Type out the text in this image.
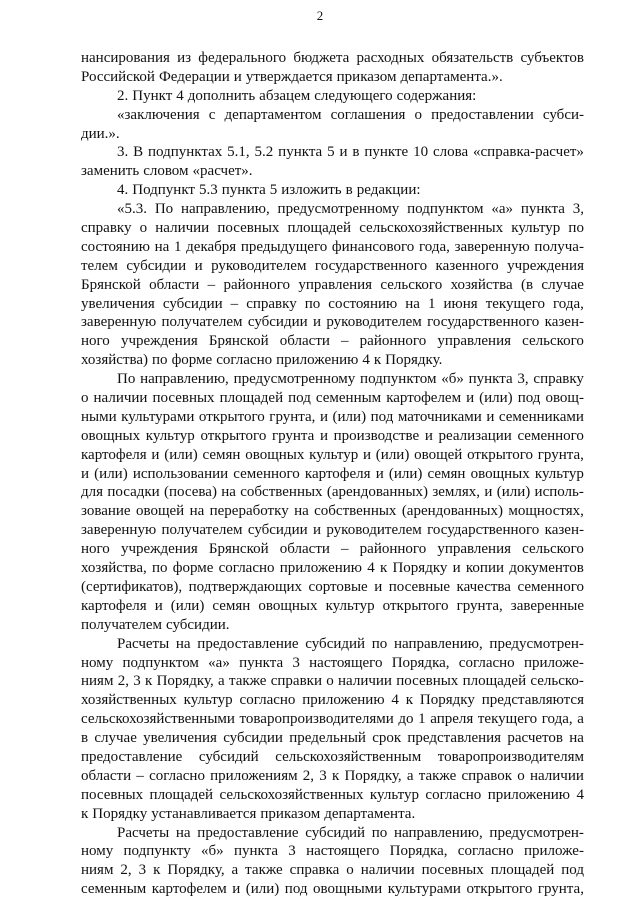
2
нансирования из федерального бюджета расходных обязательств субъектов
Российской Федерации и утверждается приказом департамента.».
2. Пункт 4 дополнить абзацем следующего содержания:
«заключения с департаментом соглашения о предоставлении субси-
дии.».
3. В подпунктах 5.1, 5.2 пункта 5 и в пункте 10 слова «справка-расчет»
заменить словом «расчет».
4. Подпункт 5.3 пункта 5 изложить в редакции:
«5.3. По направлению, предусмотренному подпунктом «а» пункта 3,
справку о наличии посевных площадей сельскохозяйственных культур по
состоянию на 1 декабря предыдущего финансового года, заверенную получа-
телем субсидии и руководителем государственного казенного учреждения
Брянской области – районного управления сельского хозяйства (в случае
увеличения субсидии – справку по состоянию на 1 июня текущего года,
заверенную получателем субсидии и руководителем государственного казен-
ного учреждения Брянской области – районного управления сельского
хозяйства) по форме согласно приложению 4 к Порядку.
По направлению, предусмотренному подпунктом «б» пункта 3, справку
о наличии посевных площадей под семенным картофелем и (или) под овощ-
ными культурами открытого грунта, и (или) под маточниками и семенниками
овощных культур открытого грунта и производстве и реализации семенного
картофеля и (или) семян овощных культур и (или) овощей открытого грунта,
и (или) использовании семенного картофеля и (или) семян овощных культур
для посадки (посева) на собственных (арендованных) землях, и (или) исполь-
зование овощей на переработку на собственных (арендованных) мощностях,
заверенную получателем субсидии и руководителем государственного казен-
ного учреждения Брянской области – районного управления сельского
хозяйства, по форме согласно приложению 4 к Порядку и копии документов
(сертификатов), подтверждающих сортовые и посевные качества семенного
картофеля и (или) семян овощных культур открытого грунта, заверенные
получателем субсидии.
Расчеты на предоставление субсидий по направлению, предусмотрен-
ному подпунктом «а» пункта 3 настоящего Порядка, согласно приложе-
ниям 2, 3 к Порядку, а также справки о наличии посевных площадей сельско-
хозяйственных культур согласно приложению 4 к Порядку представляются
сельскохозяйственными товаропроизводителями до 1 апреля текущего года, а
в случае увеличения субсидии предельный срок представления расчетов на
предоставление субсидий сельскохозяйственным товаропроизводителям
области – согласно приложениям 2, 3 к Порядку, а также справок о наличии
посевных площадей сельскохозяйственных культур согласно приложению 4
к Порядку устанавливается приказом департамента.
Расчеты на предоставление субсидий по направлению, предусмотрен-
ному подпункту «б» пункта 3 настоящего Порядка, согласно приложе-
ниям 2, 3 к Порядку, а также справка о наличии посевных площадей под
семенным картофелем и (или) под овощными культурами открытого грунта,
